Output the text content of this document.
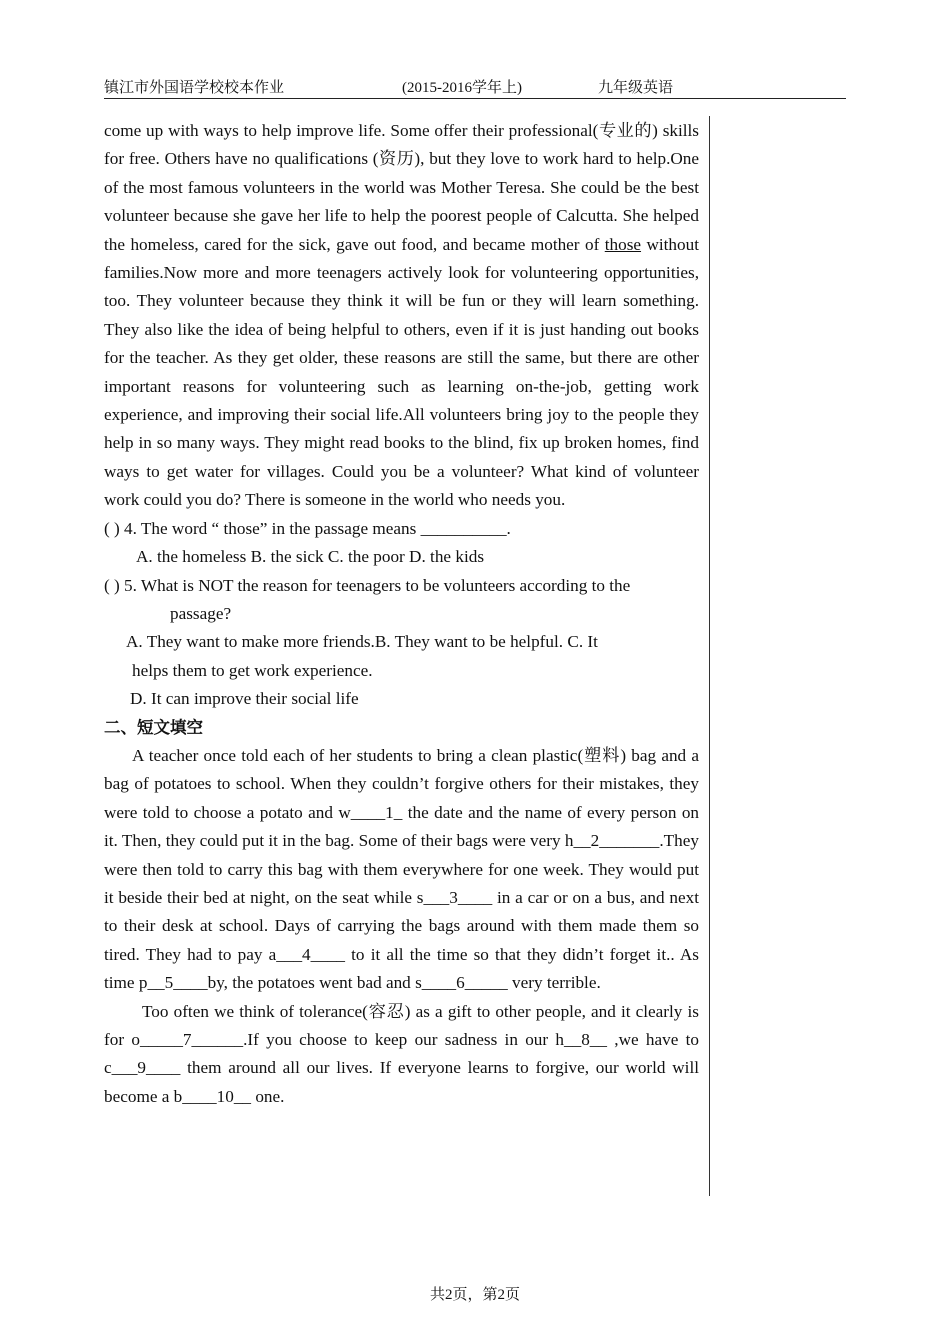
镇江市外国语学校校本作业	(2015-2016学年上)	九年级英语

come up with ways to help improve life. Some offer their professional(专业的) skills for free. Others have no qualifications (资历), but they love to work hard to help.One of the most famous volunteers in the world was Mother Teresa. She could be the best volunteer because she gave her life to help the poorest people of Calcutta. She helped the homeless, cared for the sick, gave out food, and became mother of those without families.Now more and more teenagers actively look for volunteering opportunities, too. They volunteer because they think it will be fun or they will learn something. They also like the idea of being helpful to others, even if it is just handing out books for the teacher. As they get older, these reasons are still the same, but there are other important reasons for volunteering such as learning on-the-job, getting work experience, and improving their social life.All volunteers bring joy to the people they help in so many ways. They might read books to the blind, fix up broken homes, find ways to get water for villages. Could you be a volunteer? What kind of volunteer work could you do? There is someone in the world who needs you.

( ) 4. The word “ those” in the passage means __________.

A. the homeless B. the sick C. the poor D. the kids

( ) 5. What is NOT the reason for teenagers to be volunteers according to the

passage?

A. They want to make more friends.B. They want to be helpful. C. It

helps them to get work experience.

D. It can improve their social life

二、短文填空

A teacher once told each of her students to bring a clean plastic(塑料) bag and a bag of potatoes to school. When they couldn’t forgive others for their mistakes, they were told to choose a potato and w____1_ the date and the name of every person on it. Then, they could put it in the bag. Some of their bags were very h__2_______.They were then told to carry this bag with them everywhere for one week. They would put it beside their bed at night, on the seat while s___3____ in a car or on a bus, and next to their desk at school. Days of carrying the bags around with them made them so tired. They had to pay a___4____ to it all the time so that they didn’t forget it.. As time p__5____by, the potatoes went bad and s____6_____ very terrible.

Too often we think of tolerance(容忍) as a gift to other people, and it clearly is for o_____7______.If you choose to keep our sadness in our h__8__ ,we have to c___9____ them around all our lives. If everyone learns to forgive, our world will become a b____10__ one.

共2页，第2页
